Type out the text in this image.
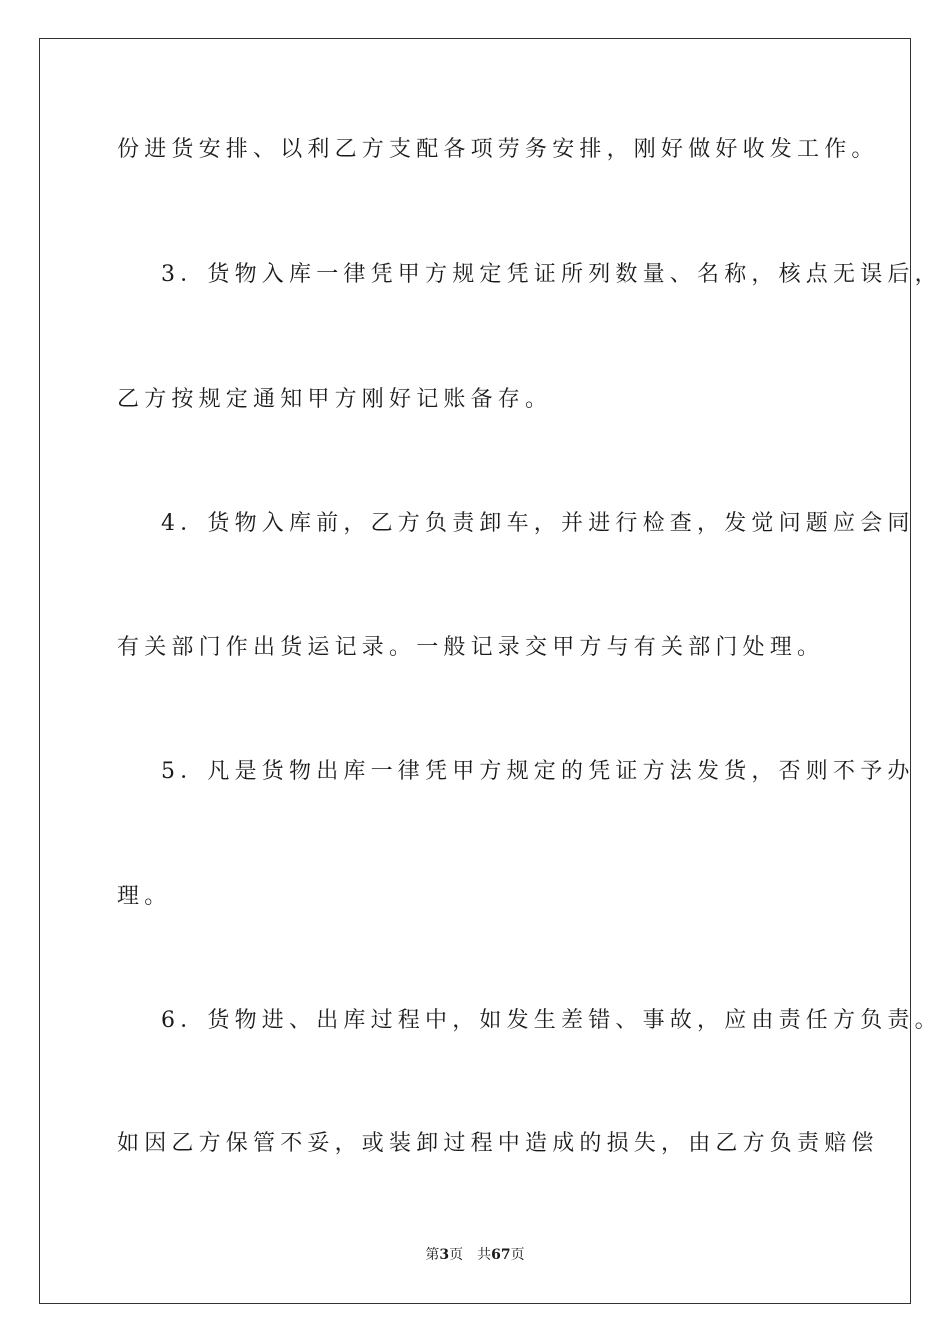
份进货安排、以利乙方支配各项劳务安排，刚好做好收发工作。
3．货物入库一律凭甲方规定凭证所列数量、名称，核点无误后，
乙方按规定通知甲方刚好记账备存。
4．货物入库前，乙方负责卸车，并进行检查，发觉问题应会同
有关部门作出货运记录。一般记录交甲方与有关部门处理。
5．凡是货物出库一律凭甲方规定的凭证方法发货，否则不予办
理。
6．货物进、出库过程中，如发生差错、事故，应由责任方负责。
如因乙方保管不妥，或装卸过程中造成的损失，由乙方负责赔偿
第3页 共67页
